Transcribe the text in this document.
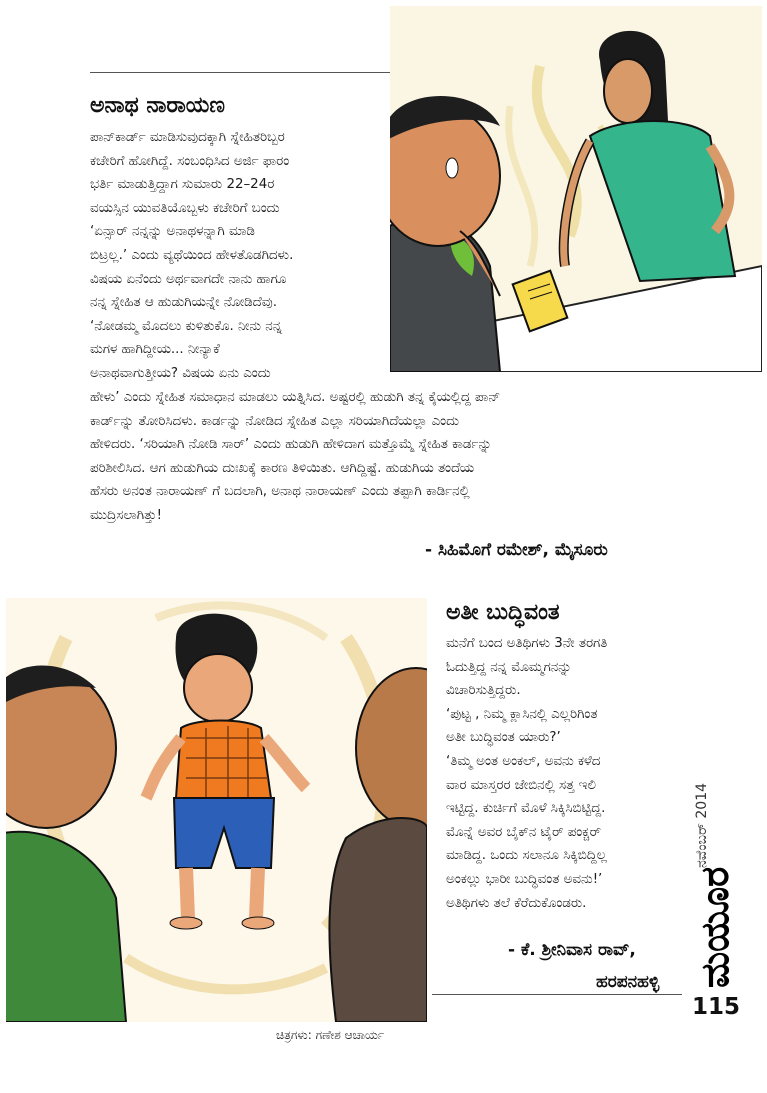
ಅನಾಥ ನಾರಾಯಣ
ಪಾನ್‌ಕಾರ್ಡ್ ಮಾಡಿಸುವುದಕ್ಕಾಗಿ ಸ್ನೇಹಿತರಿಬ್ಬರ
ಕಚೇರಿಗೆ ಹೋಗಿದ್ದೆ. ಸಂಬಂಧಿಸಿದ ಅರ್ಜಿ ಫಾರಂ
ಭರ್ತಿ ಮಾಡುತ್ತಿದ್ದಾಗ ಸುಮಾರು 22–24ರ
ವಯಸ್ಸಿನ ಯುವತಿಯೊಬ್ಬಳು ಕಚೇರಿಗೆ ಬಂದು
‘ಏನ್ಸಾರ್ ನನ್ನನ್ನು ಅನಾಥಳನ್ನಾಗಿ ಮಾಡಿ
ಬಿಟ್ರಲ್ಲ.’ ಎಂದು ವ್ಯಥೆಯಿಂದ ಹೇಳತೊಡಗಿದಳು.
ವಿಷಯ ಏನೆಂದು ಅರ್ಥವಾಗದೇ ನಾನು ಹಾಗೂ
ನನ್ನ ಸ್ನೇಹಿತ ಆ ಹುಡುಗಿಯನ್ನೇ ನೋಡಿದೆವು.
‘ನೋಡಮ್ಮ ಮೊದಲು ಕುಳಿತುಕೊ. ನೀನು ನನ್ನ
ಮಗಳ ಹಾಗಿದ್ದೀಯ... ನೀನ್ಯಾಕೆ
ಅನಾಥವಾಗುತ್ತೀಯ? ವಿಷಯ ಏನು ಎಂದು
ಹೇಳು’ ಎಂದು ಸ್ನೇಹಿತ ಸಮಾಧಾನ ಮಾಡಲು ಯತ್ನಿಸಿದ. ಅಷ್ಟರಲ್ಲಿ ಹುಡುಗಿ ತನ್ನ ಕೈಯಲ್ಲಿದ್ದ ಪಾನ್
ಕಾರ್ಡ್‌ನ್ನು ತೋರಿಸಿದಳು. ಕಾರ್ಡನ್ನು ನೋಡಿದ ಸ್ನೇಹಿತ ಎಲ್ಲಾ ಸರಿಯಾಗಿದೆಯಲ್ಲಾ ಎಂದು
ಹೇಳಿದರು. ‘ಸರಿಯಾಗಿ ನೋಡಿ ಸಾರ್’ ಎಂದು ಹುಡುಗಿ ಹೇಳಿದಾಗ ಮತ್ತೊಮ್ಮೆ ಸ್ನೇಹಿತ ಕಾರ್ಡನ್ನು
ಪರಿಶೀಲಿಸಿದ. ಆಗ ಹುಡುಗಿಯ ದುಃಖಕ್ಕೆ ಕಾರಣ ತಿಳಿಯಿತು. ಆಗಿದ್ದಿಷ್ಟೆ. ಹುಡುಗಿಯ ತಂದೆಯ
ಹೆಸರು ಅನಂತ ನಾರಾಯಣ್ ಗೆ ಬದಲಾಗಿ, ಅನಾಥ ನಾರಾಯಣ್ ಎಂದು ತಪ್ಪಾಗಿ ಕಾರ್ಡಿನಲ್ಲಿ
ಮುದ್ರಿಸಲಾಗಿತ್ತು!
- ಸಿಹಿಮೊಗೆ ರಮೇಶ್, ಮೈಸೂರು
ಅತೀ ಬುದ್ಧಿವಂತ
ಮನೆಗೆ ಬಂದ ಅತಿಥಿಗಳು 3ನೇ ತರಗತಿ
ಓದುತ್ತಿದ್ದ ನನ್ನ ಮೊಮ್ಮಗನನ್ನು
ವಿಚಾರಿಸುತ್ತಿದ್ದರು.
‘ಪುಟ್ಟ , ನಿಮ್ಮ ಕ್ಲಾಸಿನಲ್ಲಿ ಎಲ್ಲರಿಗಿಂತ
ಅತೀ ಬುದ್ಧಿವಂತ ಯಾರು?’
‘ತಿಮ್ಮ ಅಂತ ಅಂಕಲ್, ಅವನು ಕಳೆದ
ವಾರ ಮಾಸ್ತರರ ಜೇಬಿನಲ್ಲಿ ಸತ್ತ ಇಲಿ
ಇಟ್ಟಿದ್ದ. ಕುರ್ಚಿಗೆ ಮೊಳೆ ಸಿಕ್ಕಿಸಿಬಿಟ್ಟಿದ್ದ.
ಮೊನ್ನೆ ಅವರ ಬೈಕ್‌ನ ಟೈರ್ ಪಂಕ್ಚರ್
ಮಾಡಿದ್ದ. ಒಂದು ಸಲಾನೂ ಸಿಕ್ಕಿಬಿದ್ದಿಲ್ಲ
ಅಂಕಲ್ಲು ಭಾರೀ ಬುದ್ಧಿವಂತ ಅವನು!’
ಅತಿಥಿಗಳು ತಲೆ ಕೆರೆದುಕೊಂಡರು.
- ಕೆ. ಶ್ರೀನಿವಾಸ ರಾವ್,
ಹರಪನಹಳ್ಳಿ
ನವೆಂಬರ್ 2014
ಮಯೂರ
115
ಚಿತ್ರಗಳು: ಗಣೇಶ ಆಚಾರ್ಯ
